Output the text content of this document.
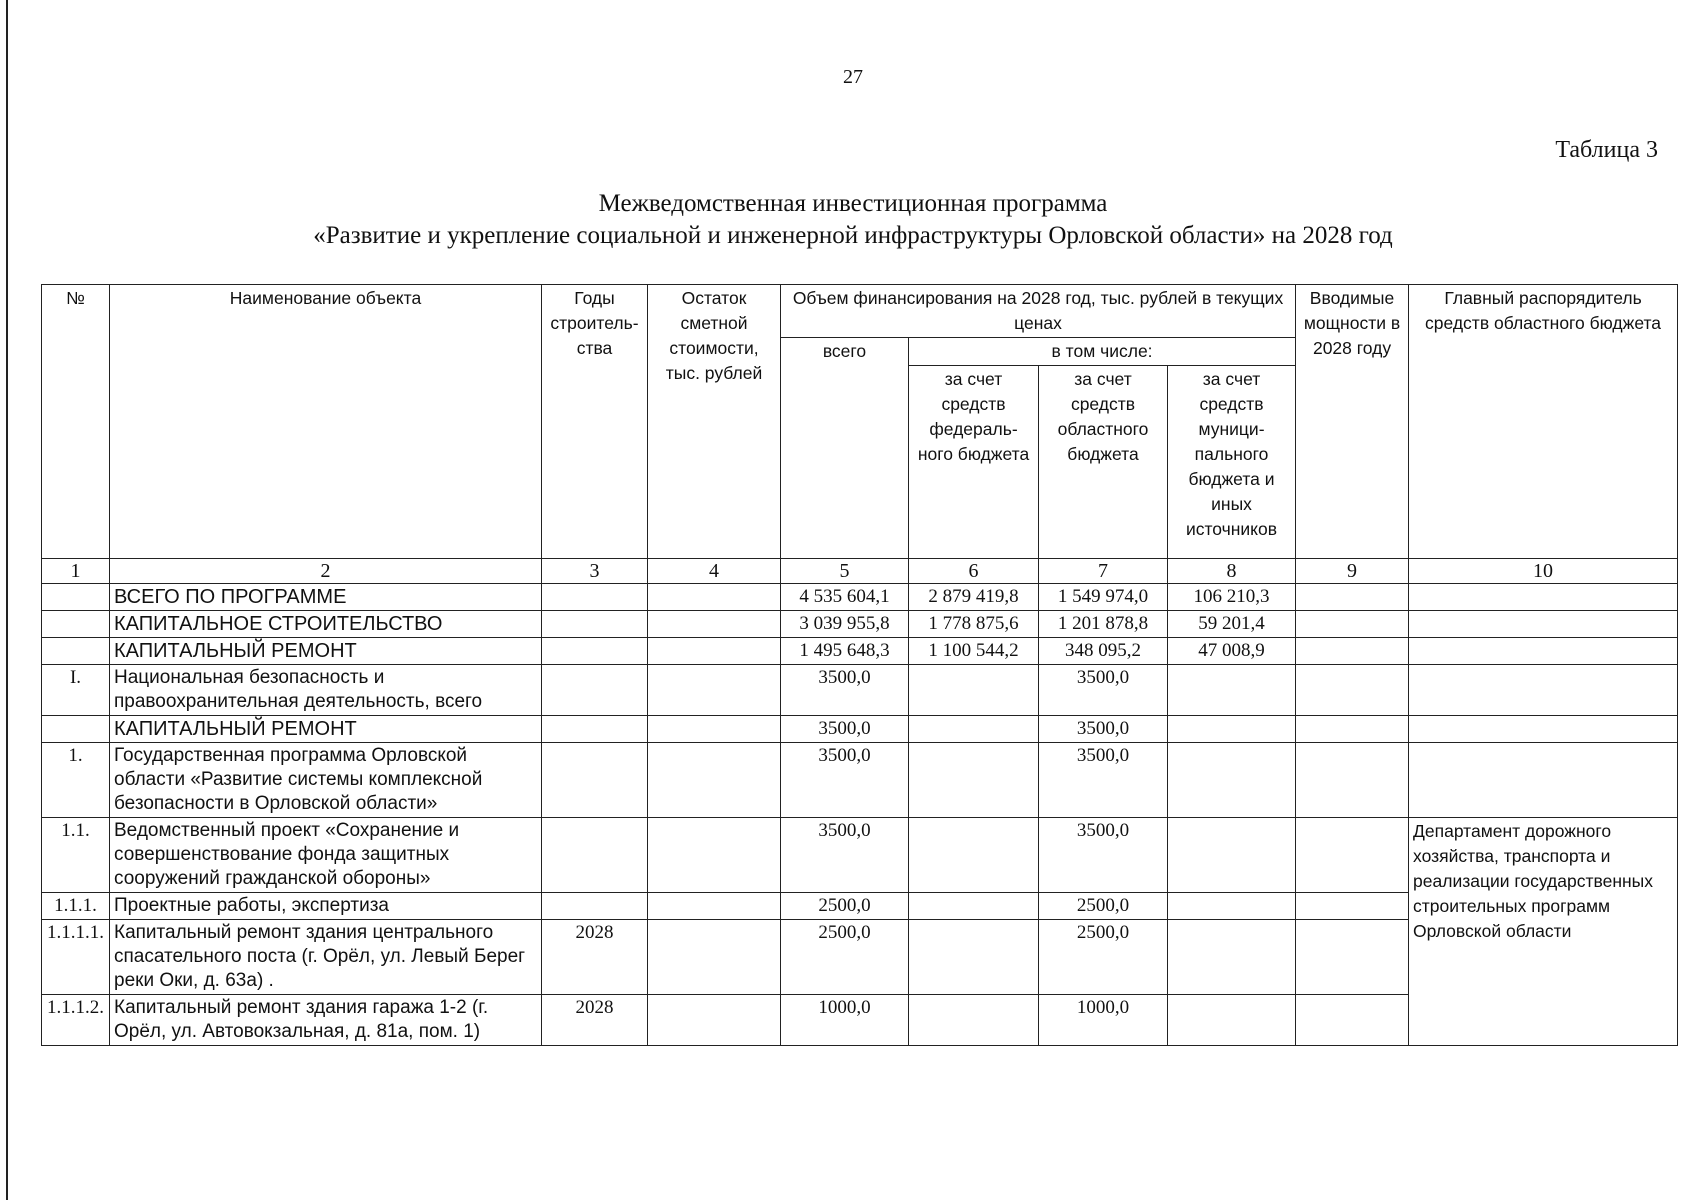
27
Таблица 3
Межведомственная инвестиционная программа
«Развитие и укрепление социальной и инженерной инфраструктуры Орловской области» на 2028 год
№	Наименование объекта	Годы строитель-ства	Остаток сметной стоимости, тыс. рублей	Объем финансирования на 2028 год, тыс. рублей в текущих ценах				Вводимые мощности в 2028 году	Главный распорядитель средств областного бюджета
				всего	в том числе:				
					за счет средств федераль-ного бюджета	за счет средств областного бюджета	за счет средств муници-пального бюджета и иных источников		
1	2	3	4	5	6	7	8	9	10
	ВСЕГО ПО ПРОГРАММЕ			4 535 604,1	2 879 419,8	1 549 974,0	106 210,3		
	КАПИТАЛЬНОЕ СТРОИТЕЛЬСТВО			3 039 955,8	1 778 875,6	1 201 878,8	59 201,4		
	КАПИТАЛЬНЫЙ РЕМОНТ			1 495 648,3	1 100 544,2	348 095,2	47 008,9		
I.	Национальная безопасность и правоохранительная деятельность, всего			3500,0		3500,0			
	КАПИТАЛЬНЫЙ РЕМОНТ			3500,0		3500,0			
1.	Государственная программа Орловской области «Развитие системы комплексной безопасности в Орловской области»			3500,0		3500,0			
1.1.	Ведомственный проект «Сохранение и совершенствование фонда защитных сооружений гражданской обороны»			3500,0		3500,0			Департамент дорожного хозяйства, транспорта и реализации государственных строительных программ Орловской области
1.1.1.	Проектные работы, экспертиза			2500,0		2500,0			
1.1.1.1.	Капитальный ремонт здания центрального спасательного поста (г. Орёл, ул. Левый Берег реки Оки, д. 63а) .	2028		2500,0		2500,0			
1.1.1.2.	Капитальный ремонт здания гаража 1-2 (г. Орёл, ул. Автовокзальная, д. 81а, пом. 1)	2028		1000,0		1000,0			
